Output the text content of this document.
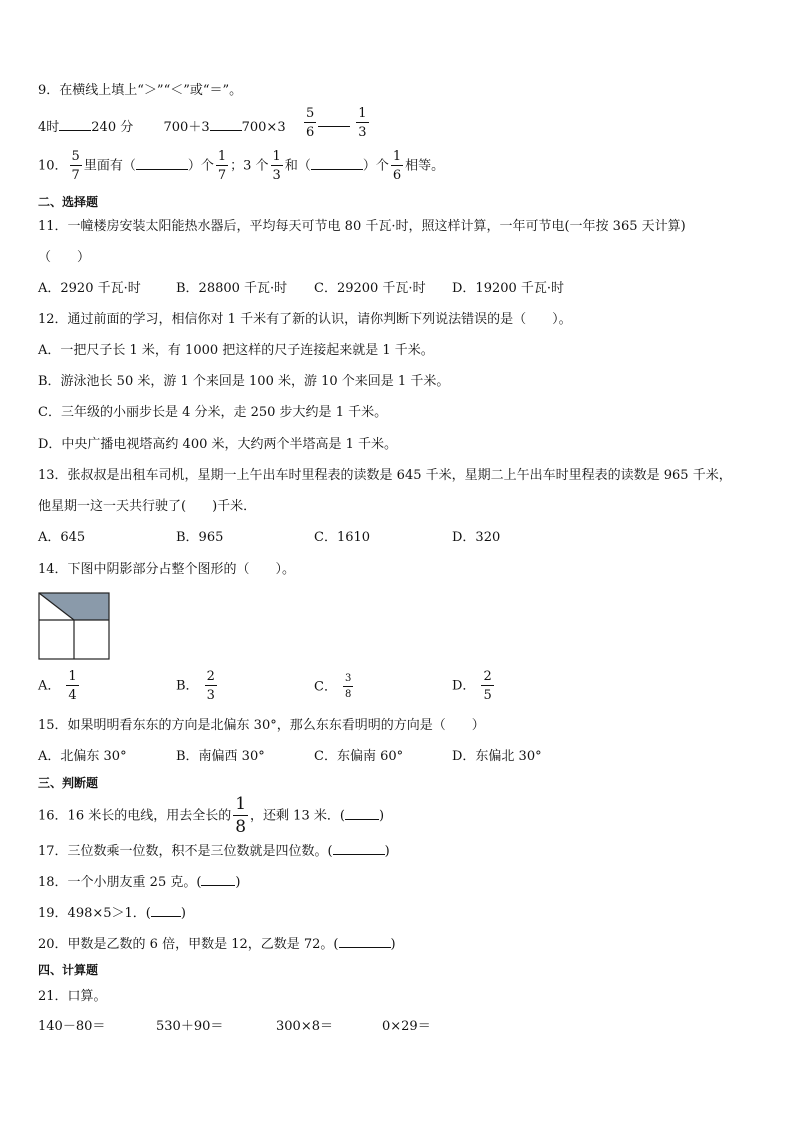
9．在横线上填上“＞”“＜”或“＝”。
4时 240 分 700＋3 $700\times 3 \frac{5}{6}$	$\frac{1}{3}$
10． $\frac{5}{7}$ 里面有（	）个 $\frac{1}{7}$ ；3 个 $\frac{1}{3}$ 和（	）个 $\frac{1}{6}$ 相等。
二、选择题
11．一幢楼房安装太阳能热水器后，平均每天可节电 80 千瓦·时，照这样计算，一年可节电(一年按 365 天计算)
（　　）
A．2920 千瓦·时	B．28800 千瓦·时 C．29200 千瓦·时 D．19200 千瓦·时
12．通过前面的学习，相信你对 1 千米有了新的认识，请你判断下列说法错误的是（　　）。
A．一把尺子长 1 米，有 1000 把这样的尺子连接起来就是 1 千米。
B．游泳池长 50 米，游 1 个来回是 100 米，游 10 个来回是 1 千米。
C．三年级的小丽步长是 4 分米，走 250 步大约是 1 千米。
D．中央广播电视塔高约 400 米，大约两个半塔高是 1 千米。
13．张叔叔是出租车司机，星期一上午出车时里程表的读数是 645 千米，星期二上午出车时里程表的读数是 965 千米，
他星期一这一天共行驶了(　　)千米．
A．645	B．965	C．1610	D．320
14．下图中阴影部分占整个图形的（　　）。
A． $\frac{1}{4}$	B． $\frac{2}{3}$	C． $\frac{3}{8}$	D． $\frac{2}{5}$
15．如果明明看东东的方向是北偏东 30°，那么东东看明明的方向是（　　）
A．北偏东 30°	B．南偏西 30°	C．东偏南 60°	D．东偏北 30°
三、判断题
16．16 米长的电线，用去全长的 $\frac{1}{8}$ ，还剩 13 米．(	)
17．三位数乘一位数，积不是三位数就是四位数。(	)
18．一个小朋友重 25 克。(	)
19．498×5＞1．( )
20．甲数是乙数的 6 倍，甲数是 12，乙数是 72。(	)
四、计算题
21．口算。
140－80＝	530＋90＝	300×8＝	0×29＝
